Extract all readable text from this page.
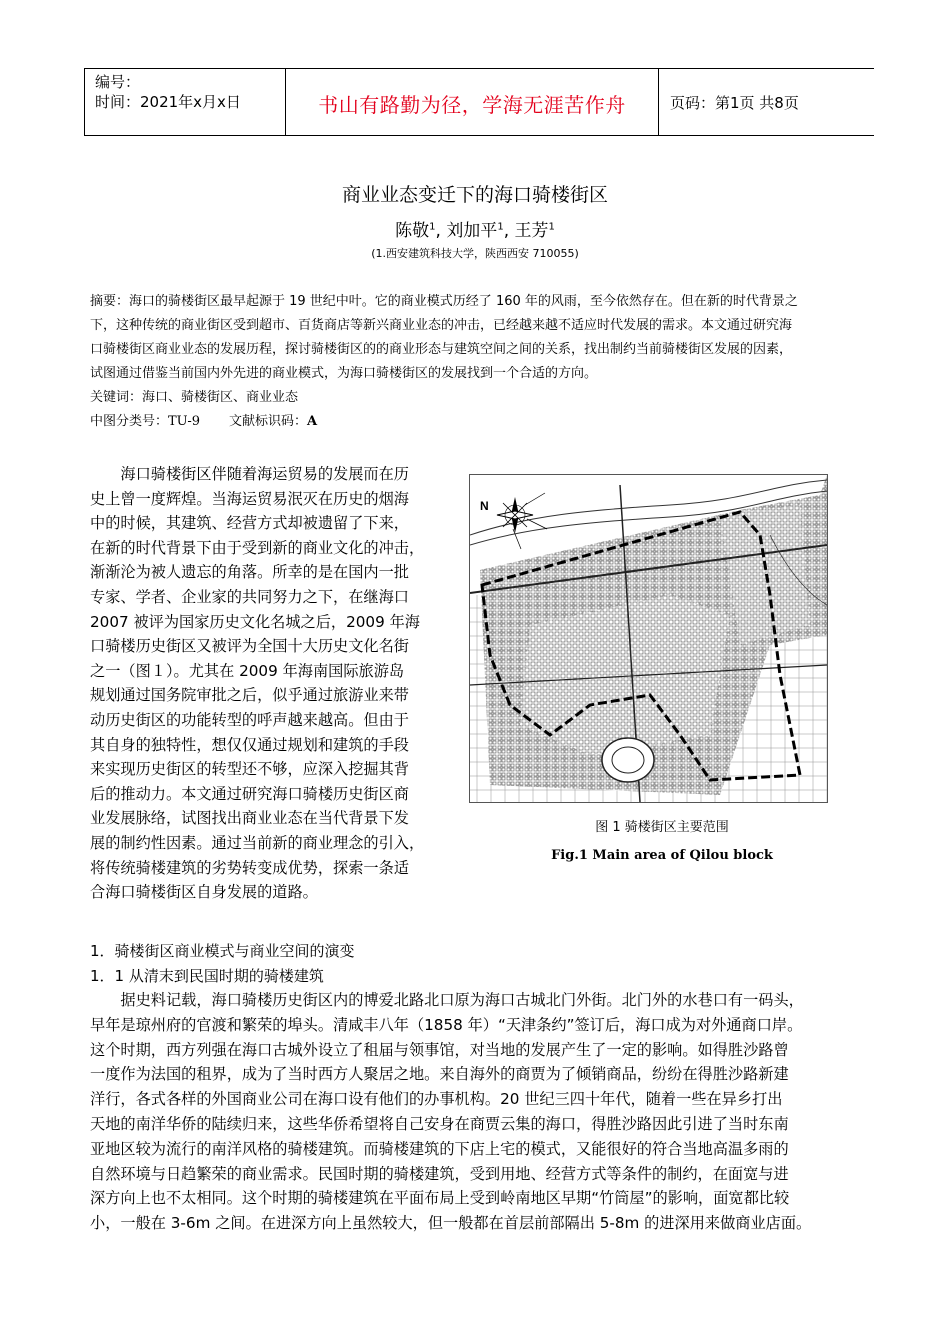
编号：
时间：2021年x月x日	书山有路勤为径，学海无涯苦作舟	页码：第1页 共8页
商业业态变迁下的海口骑楼街区
陈敬$^1$, 刘加平$^1$, 王芳$^1$
(1.西安建筑科技大学，陕西西安 710055)
摘要：海口的骑楼街区最早起源于 19 世纪中叶。它的商业模式历经了 160 年的风雨，至今依然存在。但在新的时代背景之
下，这种传统的商业街区受到超市、百货商店等新兴商业业态的冲击，已经越来越不适应时代发展的需求。本文通过研究海
口骑楼街区商业业态的发展历程，探讨骑楼街区的的商业形态与建筑空间之间的关系，找出制约当前骑楼街区发展的因素，
试图通过借鉴当前国内外先进的商业模式，为海口骑楼街区的发展找到一个合适的方向。
关键词：海口、骑楼街区、商业业态
中图分类号：TU-9 文献标识码：A
　　海口骑楼街区伴随着海运贸易的发展而在历
史上曾一度辉煌。当海运贸易泯灭在历史的烟海
中的时候，其建筑、经营方式却被遗留了下来，
在新的时代背景下由于受到新的商业文化的冲击，
渐渐沦为被人遗忘的角落。所幸的是在国内一批
专家、学者、企业家的共同努力之下，在继海口
2007 被评为国家历史文化名城之后，2009 年海
口骑楼历史街区又被评为全国十大历史文化名街
之一（图１）。尤其在 2009 年海南国际旅游岛
规划通过国务院审批之后，似乎通过旅游业来带
动历史街区的功能转型的呼声越来越高。但由于
其自身的独特性，想仅仅通过规划和建筑的手段
来实现历史街区的转型还不够，应深入挖掘其背
后的推动力。本文通过研究海口骑楼历史街区商
业发展脉络，试图找出商业业态在当代背景下发
展的制约性因素。通过当前新的商业理念的引入，
将传统骑楼建筑的劣势转变成优势，探索一条适
合海口骑楼街区自身发展的道路。
N
图 1 骑楼街区主要范围
Fig.1 Main area of Qilou block
1．骑楼街区商业模式与商业空间的演变
1．1 从清末到民国时期的骑楼建筑
　　据史料记载，海口骑楼历史街区内的博爱北路北口原为海口古城北门外街。北门外的水巷口有一码头，
早年是琼州府的官渡和繁荣的埠头。清咸丰八年（1858 年）“天津条约”签订后，海口成为对外通商口岸。
这个时期，西方列强在海口古城外设立了租届与领事馆，对当地的发展产生了一定的影响。如得胜沙路曾
一度作为法国的租界，成为了当时西方人聚居之地。来自海外的商贾为了倾销商品，纷纷在得胜沙路新建
洋行，各式各样的外国商业公司在海口设有他们的办事机构。20 世纪三四十年代，随着一些在异乡打出
天地的南洋华侨的陆续归来，这些华侨希望将自己安身在商贾云集的海口，得胜沙路因此引进了当时东南
亚地区较为流行的南洋风格的骑楼建筑。而骑楼建筑的下店上宅的模式，又能很好的符合当地高温多雨的
自然环境与日趋繁荣的商业需求。民国时期的骑楼建筑，受到用地、经营方式等条件的制约，在面宽与进
深方向上也不太相同。这个时期的骑楼建筑在平面布局上受到岭南地区早期“竹筒屋”的影响，面宽都比较
小，一般在 3-6m 之间。在进深方向上虽然较大，但一般都在首层前部隔出 5-8m 的进深用来做商业店面。
